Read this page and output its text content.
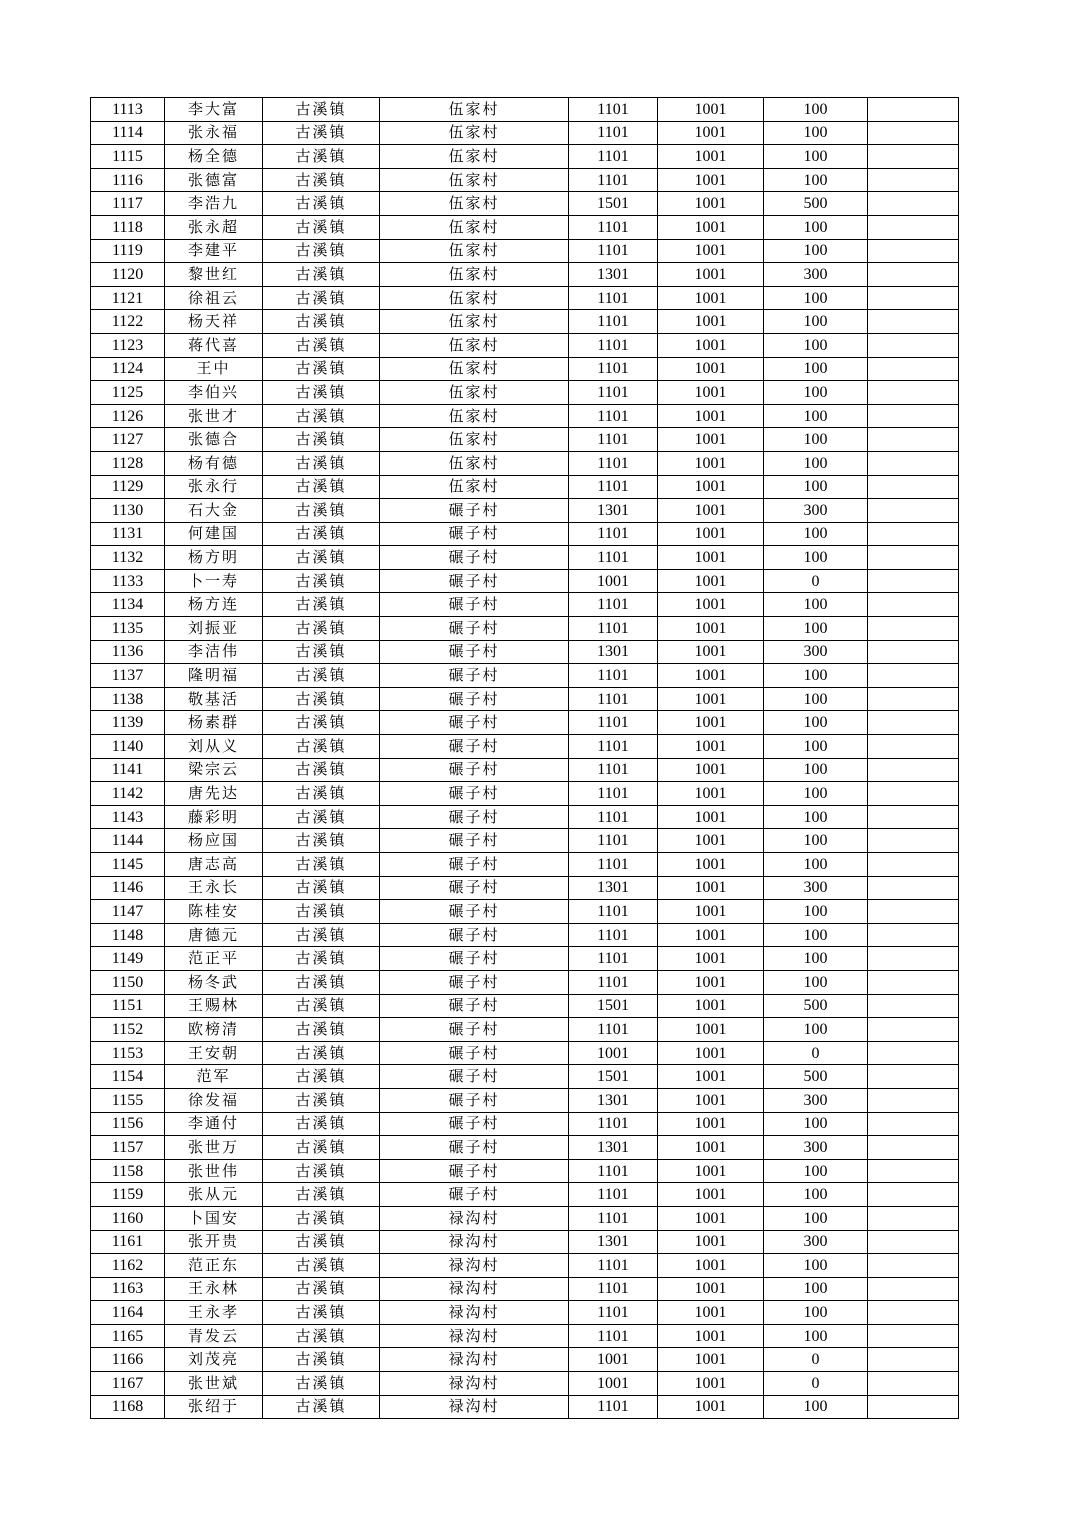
1113	李大富	古溪镇	伍家村	1101	1001	100	
1114	张永福	古溪镇	伍家村	1101	1001	100	
1115	杨全德	古溪镇	伍家村	1101	1001	100	
1116	张德富	古溪镇	伍家村	1101	1001	100	
1117	李浩九	古溪镇	伍家村	1501	1001	500	
1118	张永超	古溪镇	伍家村	1101	1001	100	
1119	李建平	古溪镇	伍家村	1101	1001	100	
1120	黎世红	古溪镇	伍家村	1301	1001	300	
1121	徐祖云	古溪镇	伍家村	1101	1001	100	
1122	杨天祥	古溪镇	伍家村	1101	1001	100	
1123	蒋代喜	古溪镇	伍家村	1101	1001	100	
1124	王中	古溪镇	伍家村	1101	1001	100	
1125	李伯兴	古溪镇	伍家村	1101	1001	100	
1126	张世才	古溪镇	伍家村	1101	1001	100	
1127	张德合	古溪镇	伍家村	1101	1001	100	
1128	杨有德	古溪镇	伍家村	1101	1001	100	
1129	张永行	古溪镇	伍家村	1101	1001	100	
1130	石大金	古溪镇	碾子村	1301	1001	300	
1131	何建国	古溪镇	碾子村	1101	1001	100	
1132	杨方明	古溪镇	碾子村	1101	1001	100	
1133	卜一寿	古溪镇	碾子村	1001	1001	0	
1134	杨方连	古溪镇	碾子村	1101	1001	100	
1135	刘振亚	古溪镇	碾子村	1101	1001	100	
1136	李洁伟	古溪镇	碾子村	1301	1001	300	
1137	隆明福	古溪镇	碾子村	1101	1001	100	
1138	敬基活	古溪镇	碾子村	1101	1001	100	
1139	杨素群	古溪镇	碾子村	1101	1001	100	
1140	刘从义	古溪镇	碾子村	1101	1001	100	
1141	梁宗云	古溪镇	碾子村	1101	1001	100	
1142	唐先达	古溪镇	碾子村	1101	1001	100	
1143	藤彩明	古溪镇	碾子村	1101	1001	100	
1144	杨应国	古溪镇	碾子村	1101	1001	100	
1145	唐志高	古溪镇	碾子村	1101	1001	100	
1146	王永长	古溪镇	碾子村	1301	1001	300	
1147	陈桂安	古溪镇	碾子村	1101	1001	100	
1148	唐德元	古溪镇	碾子村	1101	1001	100	
1149	范正平	古溪镇	碾子村	1101	1001	100	
1150	杨冬武	古溪镇	碾子村	1101	1001	100	
1151	王赐林	古溪镇	碾子村	1501	1001	500	
1152	欧榜清	古溪镇	碾子村	1101	1001	100	
1153	王安朝	古溪镇	碾子村	1001	1001	0	
1154	范军	古溪镇	碾子村	1501	1001	500	
1155	徐发福	古溪镇	碾子村	1301	1001	300	
1156	李通付	古溪镇	碾子村	1101	1001	100	
1157	张世万	古溪镇	碾子村	1301	1001	300	
1158	张世伟	古溪镇	碾子村	1101	1001	100	
1159	张从元	古溪镇	碾子村	1101	1001	100	
1160	卜国安	古溪镇	禄沟村	1101	1001	100	
1161	张开贵	古溪镇	禄沟村	1301	1001	300	
1162	范正东	古溪镇	禄沟村	1101	1001	100	
1163	王永林	古溪镇	禄沟村	1101	1001	100	
1164	王永孝	古溪镇	禄沟村	1101	1001	100	
1165	青发云	古溪镇	禄沟村	1101	1001	100	
1166	刘茂亮	古溪镇	禄沟村	1001	1001	0	
1167	张世斌	古溪镇	禄沟村	1001	1001	0	
1168	张绍于	古溪镇	禄沟村	1101	1001	100	
